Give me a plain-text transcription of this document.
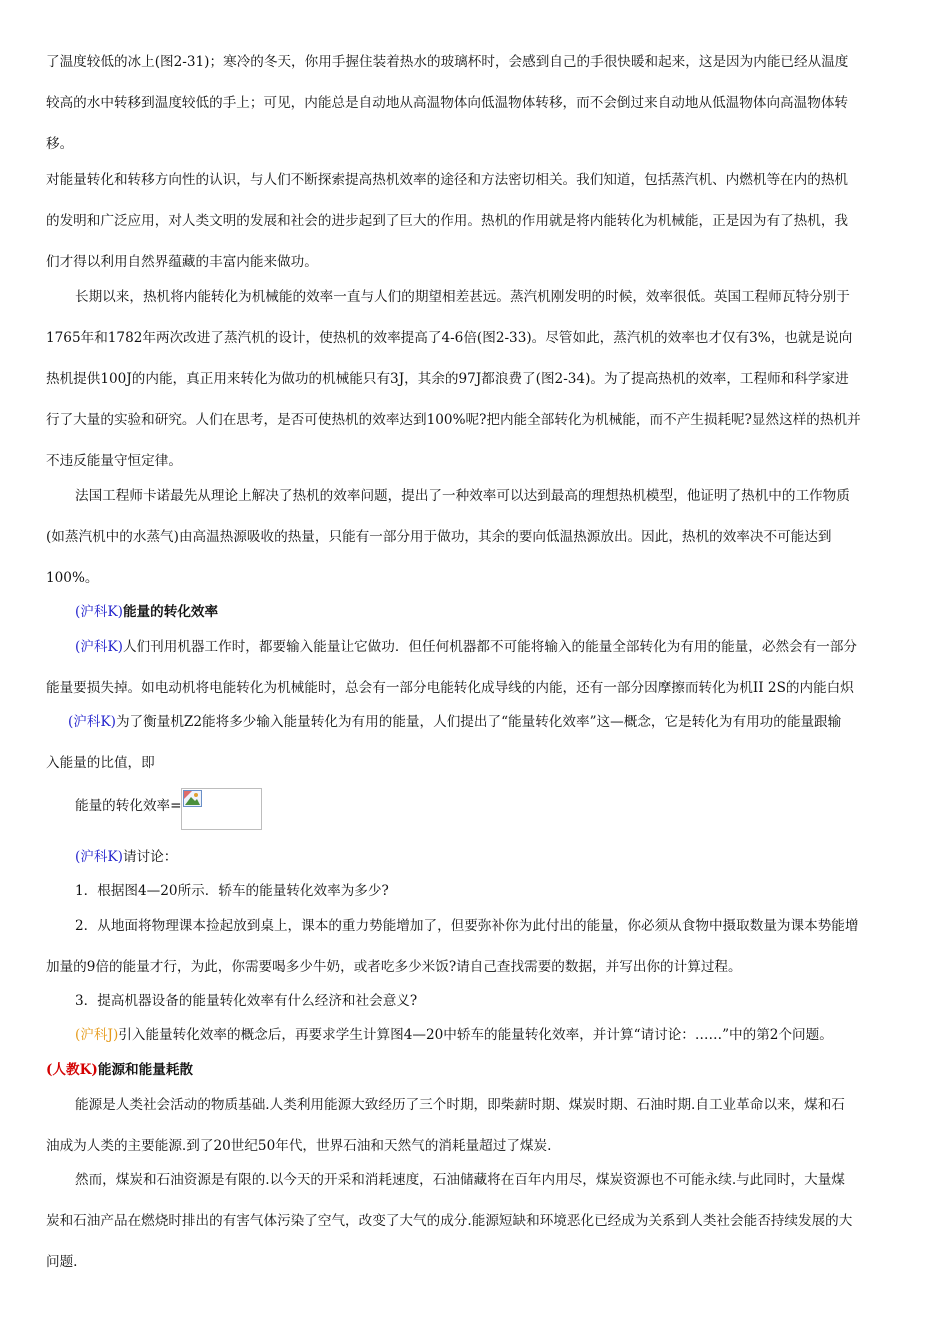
了温度较低的冰上(图2-31)；寒冷的冬天，你用手握住装着热水的玻璃杯时，会感到自己的手很快暖和起来，这是因为内能已经从温度
较高的水中转移到温度较低的手上；可见，内能总是自动地从高温物体向低温物体转移，而不会倒过来自动地从低温物体向高温物体转
移。
对能量转化和转移方向性的认识，与人们不断探索提高热机效率的途径和方法密切相关。我们知道，包括蒸汽机、内燃机等在内的热机
的发明和广泛应用，对人类文明的发展和社会的进步起到了巨大的作用。热机的作用就是将内能转化为机械能，正是因为有了热机，我
们才得以利用自然界蕴藏的丰富内能来做功。
长期以来，热机将内能转化为机械能的效率一直与人们的期望相差甚远。蒸汽机刚发明的时候，效率很低。英国工程师瓦特分别于
1765年和1782年两次改进了蒸汽机的设计，使热机的效率提高了4-6倍(图2-33)。尽管如此，蒸汽机的效率也才仅有3%，也就是说向
热机提供100J的内能，真正用来转化为做功的机械能只有3J，其余的97J都浪费了(图2-34)。为了提高热机的效率，工程师和科学家进
行了大量的实验和研究。人们在思考，是否可使热机的效率达到100%呢?把内能全部转化为机械能，而不产生损耗呢?显然这样的热机并
不违反能量守恒定律。
法国工程师卡诺最先从理论上解决了热机的效率问题，提出了一种效率可以达到最高的理想热机模型，他证明了热机中的工作物质
(如蒸汽机中的水蒸气)由高温热源吸收的热量，只能有一部分用于做功，其余的要向低温热源放出。因此，热机的效率决不可能达到
100%。
(沪科K)能量的转化效率
(沪科K)人们刊用机器工作时，都要输入能量让它做功．但任何机器都不可能将输入的能量全部转化为有用的能量，必然会有一部分
能量要损失掉。如电动机将电能转化为机械能时，总会有一部分电能转化成导线的内能，还有一部分因摩擦而转化为机II 2S的内能白炽
(沪科K)为了衡量机Z2能将多少输入能量转化为有用的能量，人们提出了“能量转化效率”这—概念，它是转化为有用功的能量跟输
入能量的比值，即
能量的转化效率=
(沪科K)请讨论：
1．根据图4—20所示．轿车的能量转化效率为多少?
2．从地面将物理课本捡起放到桌上，课本的重力势能增加了，但要弥补你为此付出的能量，你必须从食物中摄取数量为课本势能增
加量的9倍的能量才行，为此，你需要喝多少牛奶，或者吃多少米饭?请自己查找需要的数据，并写出你的计算过程。
3．提高机器设备的能量转化效率有什么经济和社会意义?
(沪科J)引入能量转化效率的概念后，再要求学生计算图4—20中轿车的能量转化效率，并计算“请讨论：……”中的第2个问题。
(人教K)能源和能量耗散
能源是人类社会活动的物质基础.人类利用能源大致经历了三个时期，即柴薪时期、煤炭时期、石油时期.自工业革命以来，煤和石
油成为人类的主要能源.到了20世纪50年代，世界石油和天然气的消耗量超过了煤炭.
然而，煤炭和石油资源是有限的.以今天的开采和消耗速度，石油储藏将在百年内用尽，煤炭资源也不可能永续.与此同时，大量煤
炭和石油产品在燃烧时排出的有害气体污染了空气，改变了大气的成分.能源短缺和环境恶化已经成为关系到人类社会能否持续发展的大
问题.
